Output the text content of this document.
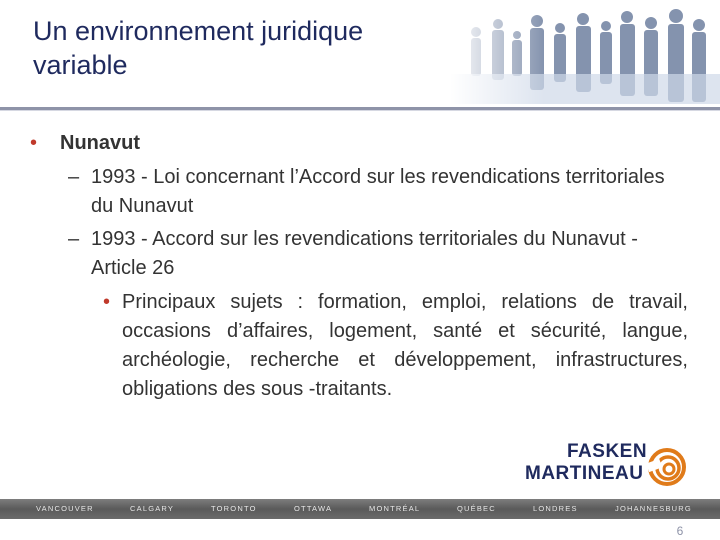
Un environnement juridique variable
• Nunavut
– 1993 - Loi concernant l’Accord sur les revendications territoriales du Nunavut
– 1993 - Accord sur les revendications territoriales du Nunavut - Article 26
• Principaux sujets : formation, emploi, relations de travail, occasions d’affaires, logement, santé et sécurité, langue, archéologie, recherche et développement, infrastructures, obligations des sous -traitants.
FASKEN
MARTINEAU
VANCOUVER	CALGARY	TORONTO	OTTAWA	MONTRÉAL	QUÉBEC	LONDRES	JOHANNESBURG
6
